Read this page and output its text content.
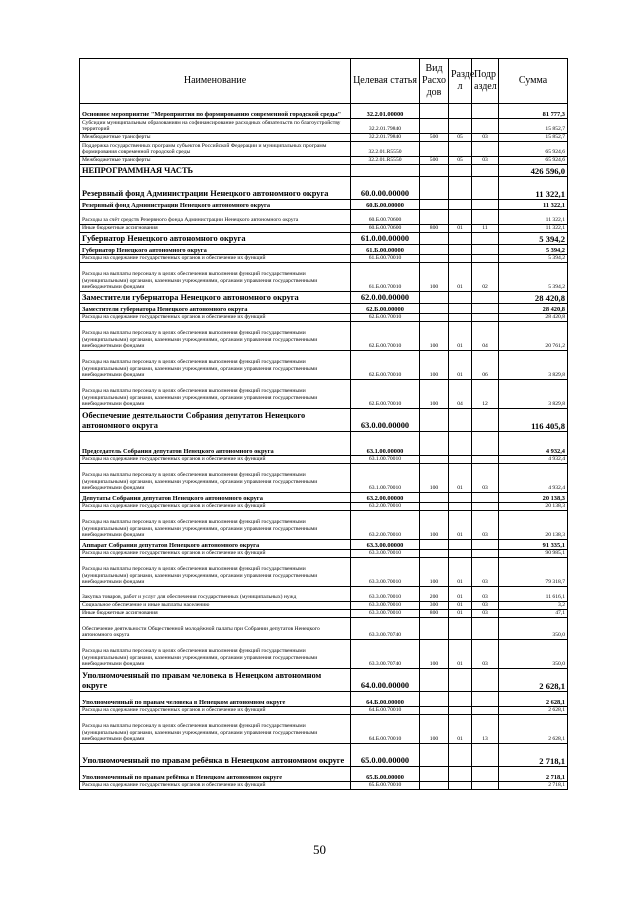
Наименование	Целевая статья	Вид Расхо дов	Разде л	Подр аздел	Сумма
Основное мероприятие "Мероприятия по формированию современной городской среды"	32.2.01.00000				81 777,3
Субсидии муниципальным образованиям на софинансирование расходных обязательств по благоустройству территорий	32.2.01.79840				15 852,7
Межбюджетные трансферты	32.2.01.79840	500	05	03	15 852,7
Поддержка государственных программ субъектов Российской Федерации и муниципальных программ формирования современной городской среды	32.2.01.R5550				65 924,6
Межбюджетные трансферты	32.2.01.R5550	500	05	03	65 924,6
НЕПРОГРАММНАЯ ЧАСТЬ					426 596,0
Резервный фонд Администрации Ненецкого автономного округа	60.0.00.00000				11 322,1
Резервный фонд Администрации Ненецкого автономного округа	60.Б.00.00000				11 322,1
Расходы за счёт средств Резервного фонда Администрации Ненецкого автономного округа	60.Б.00.70600				11 322,1
Иные бюджетные ассигнования	60.Б.00.70600	800	01	11	11 322,1
Губернатор Ненецкого автономного округа	61.0.00.00000				5 394,2
Губернатор Ненецкого автономного округа	61.Б.00.00000				5 394,2
Расходы на содержание государственных органов и обеспечение их функций	61.Б.00.70010				5 394,2
Расходы на выплаты персоналу в целях обеспечения выполнения функций государственными (муниципальными) органами, казенными учреждениями, органами управления государственными внебюджетными фондами	61.Б.00.70010	100	01	02	5 394,2
Заместители губернатора Ненецкого автономного округа	62.0.00.00000				28 420,8
Заместители губернатора Ненецкого автономного округа	62.Б.00.00000				28 420,8
Расходы на содержание государственных органов и обеспечение их функций	62.Б.00.70010				28 420,8
Расходы на выплаты персоналу в целях обеспечения выполнения функций государственными (муниципальными) органами, казенными учреждениями, органами управления государственными внебюджетными фондами	62.Б.00.70010	100	01	04	20 761,2
Расходы на выплаты персоналу в целях обеспечения выполнения функций государственными (муниципальными) органами, казенными учреждениями, органами управления государственными внебюджетными фондами	62.Б.00.70010	100	01	06	3 829,8
Расходы на выплаты персоналу в целях обеспечения выполнения функций государственными (муниципальными) органами, казенными учреждениями, органами управления государственными внебюджетными фондами	62.Б.00.70010	100	04	12	3 829,8
Обеспечение деятельности Собрания депутатов Ненецкого автономного округа	63.0.00.00000				116 405,8
Председатель Собрания депутатов Ненецкого автономного округа	63.1.00.00000				4 932,4
Расходы на содержание государственных органов и обеспечение их функций	63.1.00.70010				4 932,4
Расходы на выплаты персоналу в целях обеспечения выполнения функций государственными (муниципальными) органами, казенными учреждениями, органами управления государственными внебюджетными фондами	63.1.00.70010	100	01	03	4 932,4
Депутаты Собрания депутатов Ненецкого автономного округа	63.2.00.00000				20 138,3
Расходы на содержание государственных органов и обеспечение их функций	63.2.00.70010				20 138,3
Расходы на выплаты персоналу в целях обеспечения выполнения функций государственными (муниципальными) органами, казенными учреждениями, органами управления государственными внебюджетными фондами	63.2.00.70010	100	01	03	20 138,3
Аппарат Собрания депутатов Ненецкого автономного округа	63.3.00.00000				91 335,1
Расходы на содержание государственных органов и обеспечение их функций	63.3.00.70010				90 985,1
Расходы на выплаты персоналу в целях обеспечения выполнения функций государственными (муниципальными) органами, казенными учреждениями, органами управления государственными внебюджетными фондами	63.3.00.70010	100	01	03	79 318,7
Закупка товаров, работ и услуг для обеспечения государственных (муниципальных) нужд	63.3.00.70010	200	01	03	11 616,1
Социальное обеспечение и иные выплаты населению	63.3.00.70010	300	01	03	3,2
Иные бюджетные ассигнования	63.3.00.70010	800	01	03	47,1
Обеспечение деятельности Общественной молодёжной палаты при Собрании депутатов Ненецкого автономного округа	63.3.00.70740				350,0
Расходы на выплаты персоналу в целях обеспечения выполнения функций государственными (муниципальными) органами, казенными учреждениями, органами управления государственными внебюджетными фондами	63.3.00.70740	100	01	03	350,0
Уполномоченный по правам человека в Ненецком автономном округе	64.0.00.00000				2 628,1
Уполномоченный по правам человека в Ненецком автономном округе	64.Б.00.00000				2 628,1
Расходы на содержание государственных органов и обеспечение их функций	64.Б.00.70010				2 628,1
Расходы на выплаты персоналу в целях обеспечения выполнения функций государственными (муниципальными) органами, казенными учреждениями, органами управления государственными внебюджетными фондами	64.Б.00.70010	100	01	13	2 628,1
Уполномоченный по правам ребёнка в Ненецком автономном округе	65.0.00.00000				2 718,1
Уполномоченный по правам ребёнка в Ненецком автономном округе	65.Б.00.00000				2 718,1
Расходы на содержание государственных органов и обеспечение их функций	65.Б.00.70010				2 718,1
50
